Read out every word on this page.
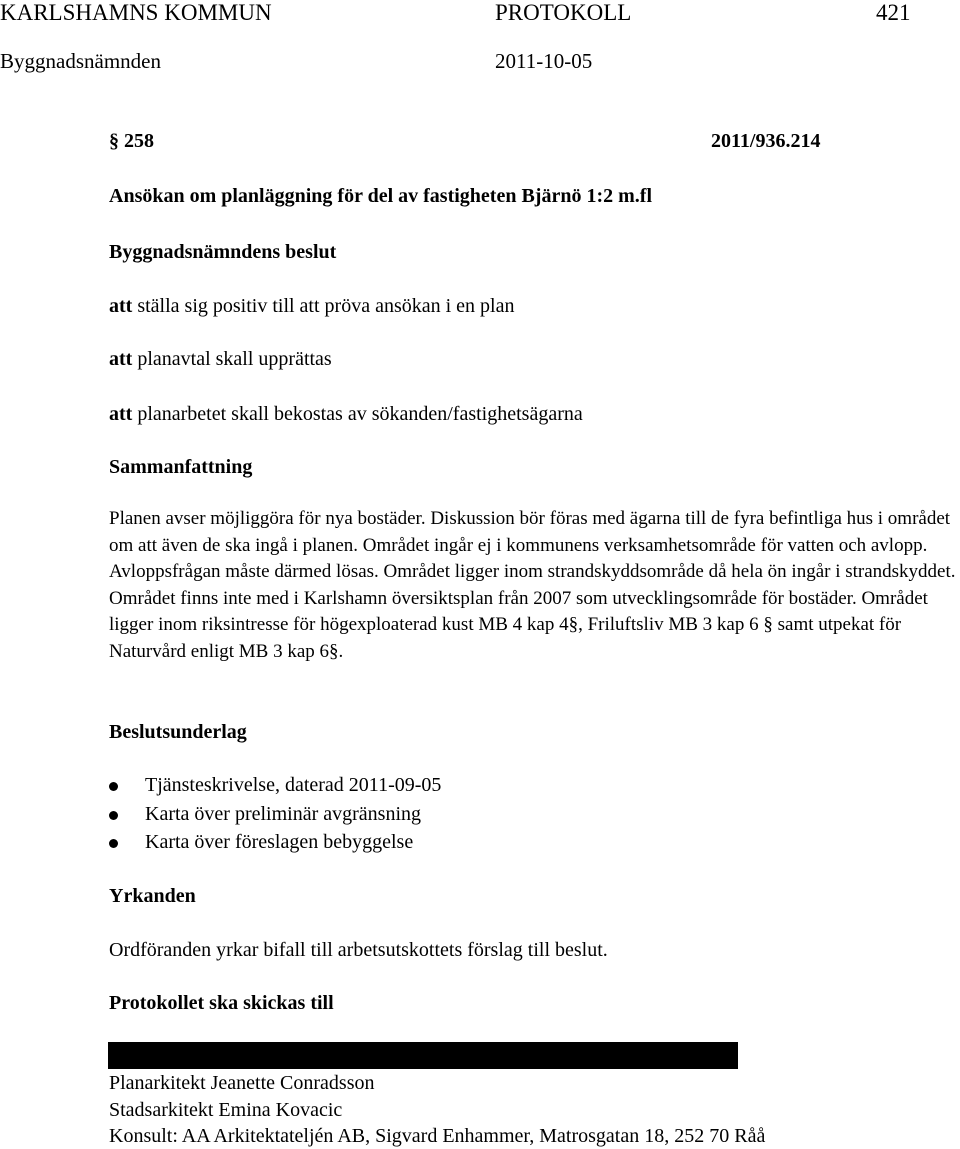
KARLSHAMNS KOMMUN	PROTOKOLL	421
Byggnadsnämnden	2011-10-05
§ 258	2011/936.214
Ansökan om planläggning för del av fastigheten Bjärnö 1:2 m.fl
Byggnadsnämndens beslut
att ställa sig positiv till att pröva ansökan i en plan
att planavtal skall upprättas
att planarbetet skall bekostas av sökanden/fastighetsägarna
Sammanfattning
Planen avser möjliggöra för nya bostäder. Diskussion bör föras med ägarna till de fyra befintliga hus i området om att även de ska ingå i planen. Området ingår ej i kommunens verksamhetsområde för vatten och avlopp. Avloppsfrågan måste därmed lösas. Området ligger inom strandskyddsområde då hela ön ingår i strandskyddet. Området finns inte med i Karlshamn översiktsplan från 2007 som utvecklingsområde för bostäder. Området ligger inom riksintresse för högexploaterad kust MB 4 kap 4§, Friluftsliv MB 3 kap 6 § samt utpekat för Naturvård enligt MB 3 kap 6§.
Beslutsunderlag
Tjänsteskrivelse, daterad 2011-09-05
Karta över preliminär avgränsning
Karta över föreslagen bebyggelse
Yrkanden
Ordföranden yrkar bifall till arbetsutskottets förslag till beslut.
Protokollet ska skickas till
Planarkitekt Jeanette Conradsson
Stadsarkitekt Emina Kovacic
Konsult: AA Arkitektateljén AB, Sigvard Enhammer, Matrosgatan 18, 252 70 Råå
